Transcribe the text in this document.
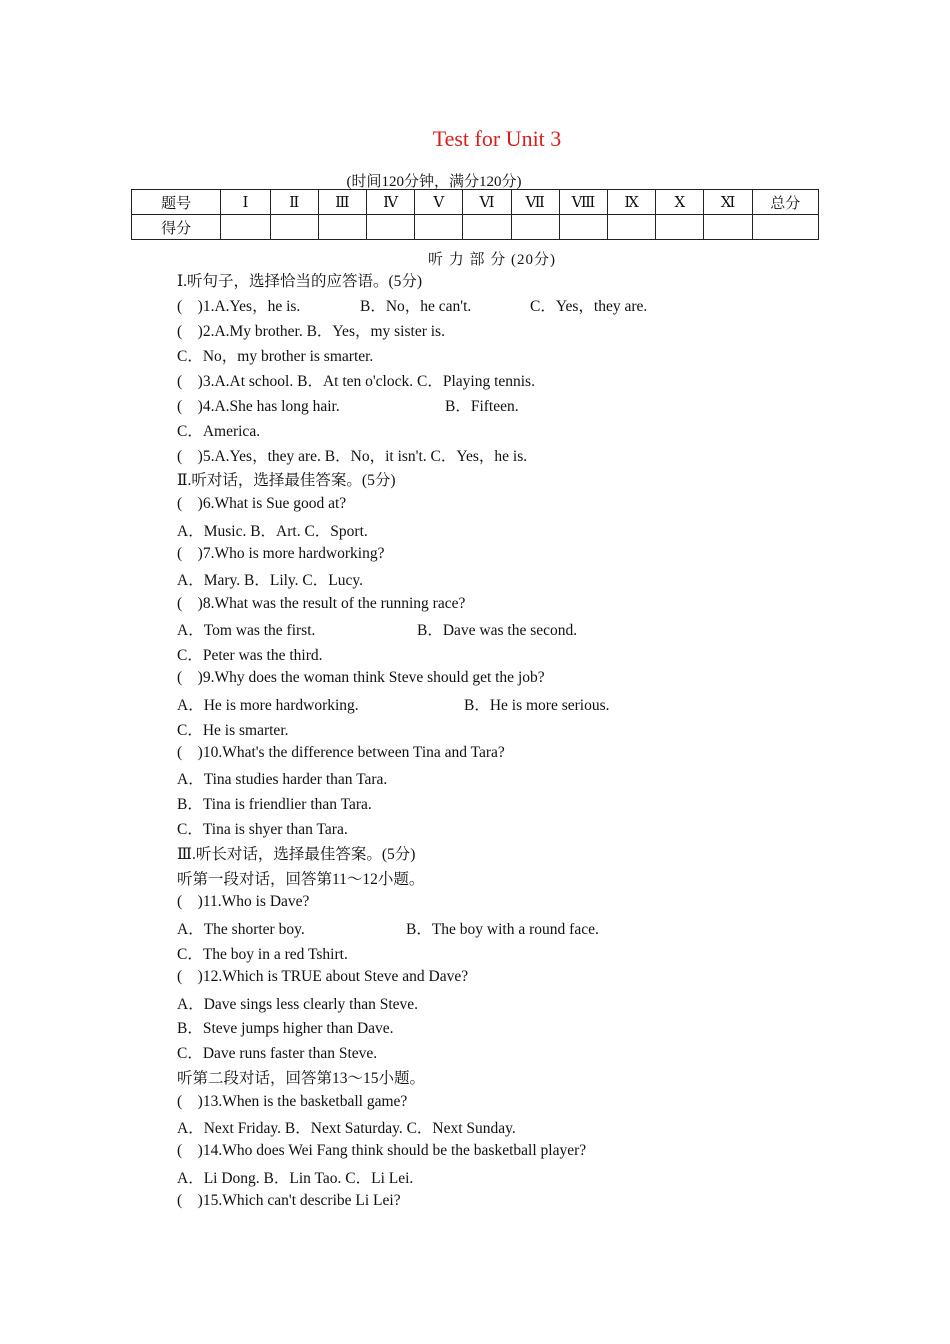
Test for Unit 3
(时间120分钟，满分120分)
题号	Ⅰ	Ⅱ	Ⅲ	Ⅳ	Ⅴ	Ⅵ	Ⅶ	Ⅷ	Ⅸ	Ⅹ	Ⅺ	总分
得分												
听 力 部 分 (20分)
Ⅰ.听句子，选择恰当的应答语。(5分)
(　)1.A.Yes，he is.	B．No，he can't.	C．Yes，they are.
(　)2.A.My brother. B．Yes，my sister is.
C．No，my brother is smarter.
(　)3.A.At school. B．At ten o'clock. C．Playing tennis.
(　)4.A.She has long hair.	B．Fifteen.
C．America.
(　)5.A.Yes，they are. B．No，it isn't. C．Yes，he is.
Ⅱ.听对话，选择最佳答案。(5分)
(　)6.What is Sue good at?
A．Music. B．Art. C．Sport.
(　)7.Who is more hardworking?
A．Mary. B．Lily. C．Lucy.
(　)8.What was the result of the running race?
A．Tom was the first.	B．Dave was the second.
C．Peter was the third.
(　)9.Why does the woman think Steve should get the job?
A．He is more hardworking.	B．He is more serious.
C．He is smarter.
(　)10.What's the difference between Tina and Tara?
A．Tina studies harder than Tara.
B．Tina is friendlier than Tara.
C．Tina is shyer than Tara.
Ⅲ.听长对话，选择最佳答案。(5分)
听第一段对话，回答第11～12小题。
(　)11.Who is Dave?
A．The shorter boy.	B．The boy with a round face.
C．The boy in a red Tshirt.
(　)12.Which is TRUE about Steve and Dave?
A．Dave sings less clearly than Steve.
B．Steve jumps higher than Dave.
C．Dave runs faster than Steve.
听第二段对话，回答第13～15小题。
(　)13.When is the basketball game?
A．Next Friday. B．Next Saturday. C．Next Sunday.
(　)14.Who does Wei Fang think should be the basketball player?
A．Li Dong. B．Lin Tao. C．Li Lei.
(　)15.Which can't describe Li Lei?
